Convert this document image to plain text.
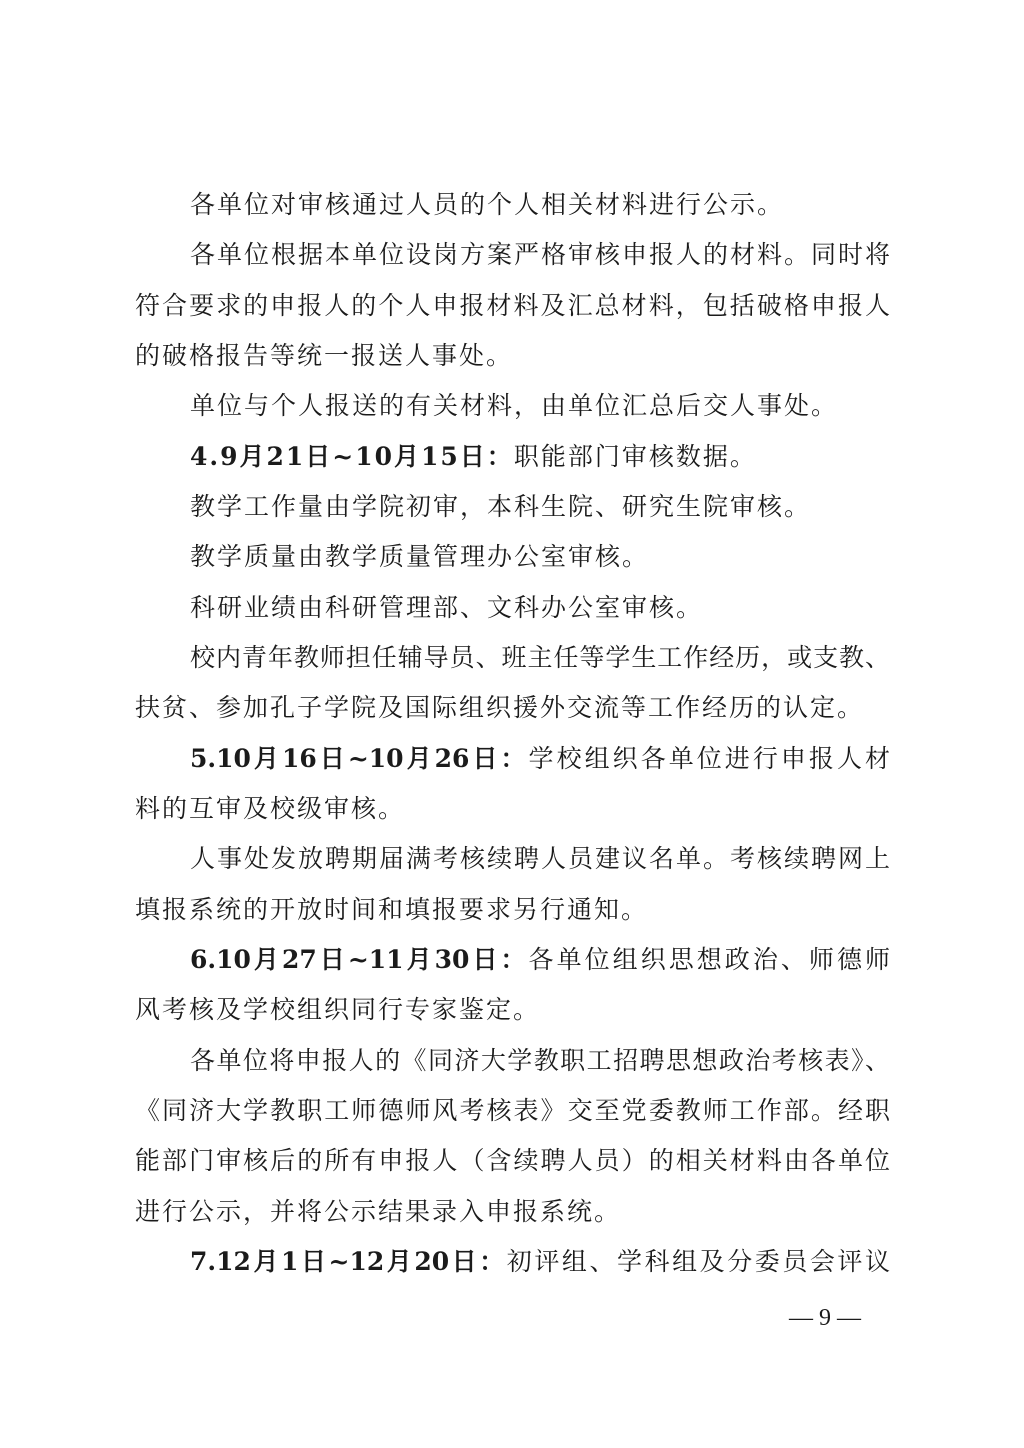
各单位对审核通过人员的个人相关材料进行公示。
各单位根据本单位设岗方案严格审核申报人的材料。同时将
符合要求的申报人的个人申报材料及汇总材料，包括破格申报人
的破格报告等统一报送人事处。
单位与个人报送的有关材料，由单位汇总后交人事处。
4.9月21日~10月15日：职能部门审核数据。
教学工作量由学院初审，本科生院、研究生院审核。
教学质量由教学质量管理办公室审核。
科研业绩由科研管理部、文科办公室审核。
校内青年教师担任辅导员、班主任等学生工作经历，或支教、
扶贫、参加孔子学院及国际组织援外交流等工作经历的认定。
5.10月16日~10月26日：学校组织各单位进行申报人材
料的互审及校级审核。
人事处发放聘期届满考核续聘人员建议名单。考核续聘网上
填报系统的开放时间和填报要求另行通知。
6.10月27日~11月30日：各单位组织思想政治、师德师
风考核及学校组织同行专家鉴定。
各单位将申报人的《同济大学教职工招聘思想政治考核表》、
《同济大学教职工师德师风考核表》交至党委教师工作部。经职
能部门审核后的所有申报人（含续聘人员）的相关材料由各单位
进行公示，并将公示结果录入申报系统。
7.12月1日~12月20日：初评组、学科组及分委员会评议
— 9 —
